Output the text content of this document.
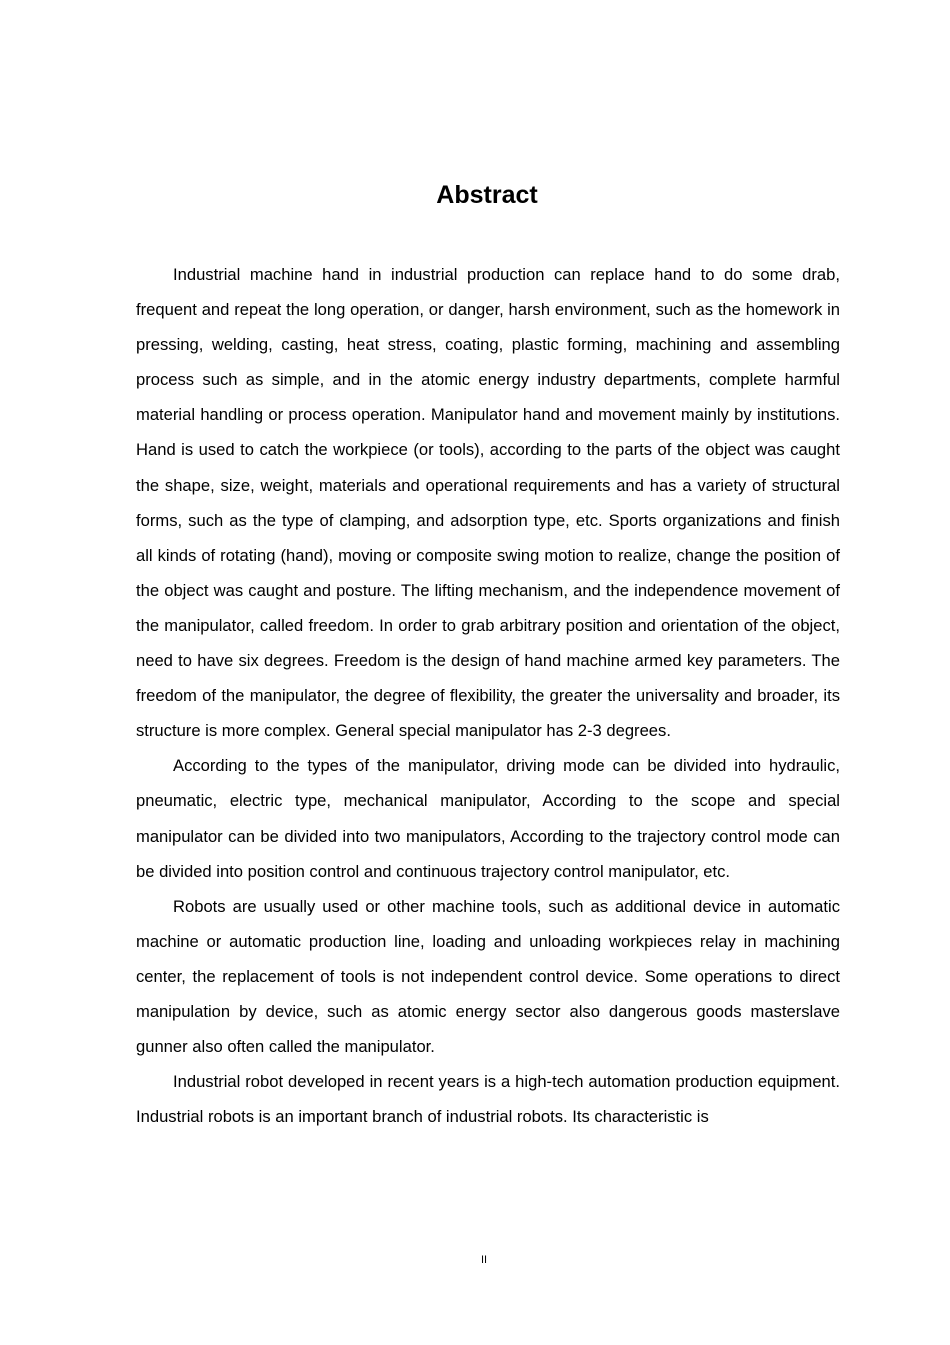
Abstract

Industrial machine hand in industrial production can replace hand to do some drab, frequent and repeat the long operation, or danger, harsh environment, such as the homework in pressing, welding, casting, heat stress, coating, plastic forming, machining and assembling process such as simple, and in the atomic energy industry departments, complete harmful material handling or process operation. Manipulator hand and movement mainly by institutions. Hand is used to catch the workpiece (or tools), according to the parts of the object was caught the shape, size, weight, materials and operational requirements and has a variety of structural forms, such as the type of clamping, and adsorption type, etc. Sports organizations and finish all kinds of rotating (hand), moving or composite swing motion to realize, change the position of the object was caught and posture. The lifting mechanism, and the independence movement of the manipulator, called freedom. In order to grab arbitrary position and orientation of the object, need to have six degrees. Freedom is the design of hand machine armed key parameters. The freedom of the manipulator, the degree of flexibility, the greater the universality and broader, its structure is more complex. General special manipulator has 2-3 degrees.

According to the types of the manipulator, driving mode can be divided into hydraulic, pneumatic, electric type, mechanical manipulator, According to the scope and special manipulator can be divided into two manipulators, According to the trajectory control mode can be divided into position control and continuous trajectory control manipulator, etc.

Robots are usually used or other machine tools, such as additional device in automatic machine or automatic production line, loading and unloading workpieces relay in machining center, the replacement of tools is not independent control device. Some operations to direct manipulation by device, such as atomic energy sector also dangerous goods masterslave gunner also often called the manipulator.

Industrial robot developed in recent years is a high-tech automation production equipment. Industrial robots is an important branch of industrial robots. Its characteristic is

II
